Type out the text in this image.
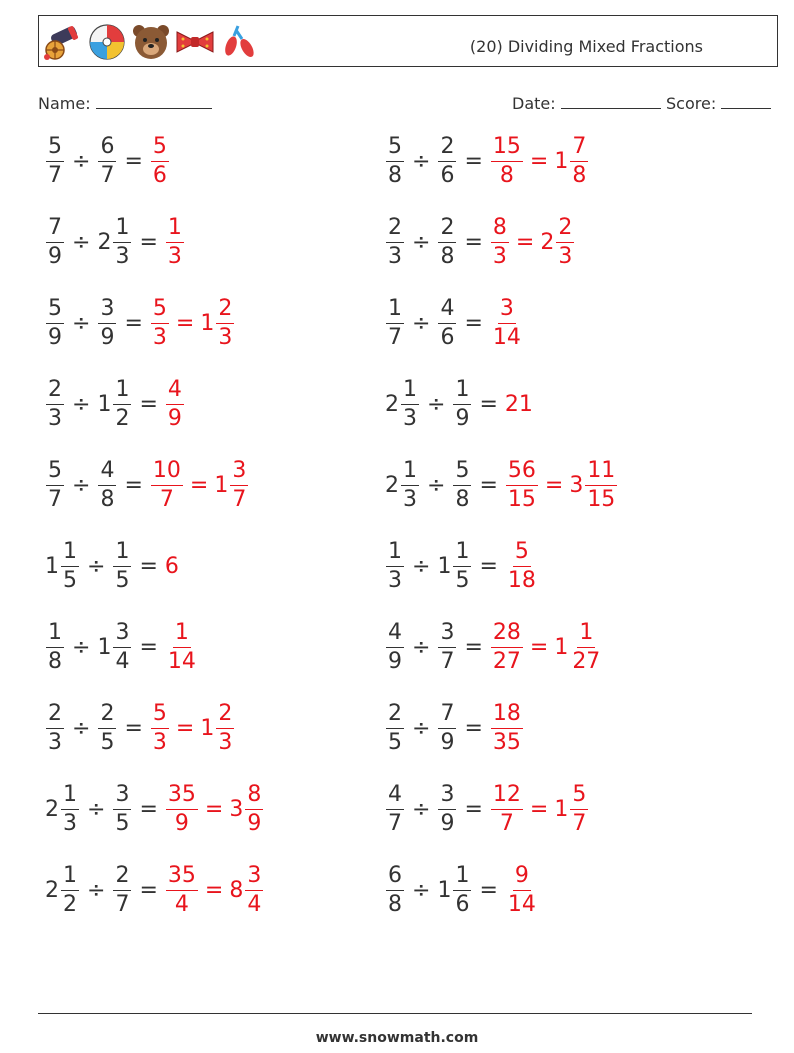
(20) Dividing Mixed Fractions
Name:	Date:	Score:
$\frac{5}{7} \div \frac{6}{7} = \frac{5}{6}$	$\frac{5}{8} \div \frac{2}{6} = \frac{15}{8} = 1 \frac{7}{8}$
$\frac{7}{9} \div 2 \frac{1}{3} = \frac{1}{3}$	$\frac{2}{3} \div \frac{2}{8} = \frac{8}{3} = 2 \frac{2}{3}$
$\frac{5}{9} \div \frac{3}{9} = \frac{5}{3} = 1 \frac{2}{3}$	$\frac{1}{7} \div \frac{4}{6} = \frac{3}{14}$
$\frac{2}{3} \div 1 \frac{1}{2} = \frac{4}{9}$	$2 \frac{1}{3} \div \frac{1}{9} = 21$
$\frac{5}{7} \div \frac{4}{8} = \frac{10}{7} = 1 \frac{3}{7}$	$2 \frac{1}{3} \div \frac{5}{8} = \frac{56}{15} = 3 \frac{11}{15}$
$1 \frac{1}{5} \div \frac{1}{5} = 6$	$\frac{1}{3} \div 1 \frac{1}{5} = \frac{5}{18}$
$\frac{1}{8} \div 1 \frac{3}{4} = \frac{1}{14}$	$\frac{4}{9} \div \frac{3}{7} = \frac{28}{27} = 1 \frac{1}{27}$
$\frac{2}{3} \div \frac{2}{5} = \frac{5}{3} = 1 \frac{2}{3}$	$\frac{2}{5} \div \frac{7}{9} = \frac{18}{35}$
$2 \frac{1}{3} \div \frac{3}{5} = \frac{35}{9} = 3 \frac{8}{9}$	$\frac{4}{7} \div \frac{3}{9} = \frac{12}{7} = 1 \frac{5}{7}$
$2 \frac{1}{2} \div \frac{2}{7} = \frac{35}{4} = 8 \frac{3}{4}$	$\frac{6}{8} \div 1 \frac{1}{6} = \frac{9}{14}$
www.snowmath.com
